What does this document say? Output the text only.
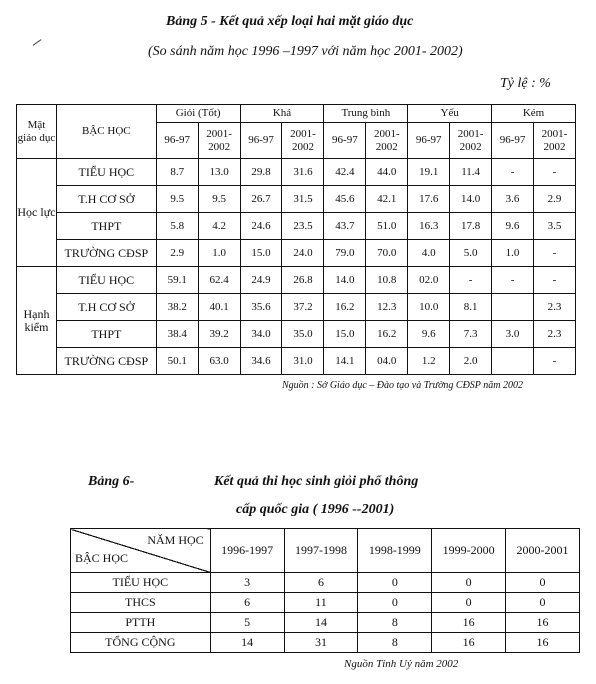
Bảng 5 - Kết quả xếp loại hai mặt giáo dục
(So sánh năm học 1996 –1997 với năm học 2001- 2002)
Tỷ lệ : %
Mặt giáo dục	BẬC HỌC	Giỏi (Tốt)		Khá		Trung bình		Yếu		Kém	
		96-97	2001-2002	96-97	2001-2002	96-97	2001-2002	96-97	2001-2002	96-97	2001-2002
Học lực	TIỂU HỌC	8.7	13.0	29.8	31.6	42.4	44.0	19.1	11.4	-	-
	T.H CƠ SỞ	9.5	9.5	26.7	31.5	45.6	42.1	17.6	14.0	3.6	2.9
	THPT	5.8	4.2	24.6	23.5	43.7	51.0	16.3	17.8	9.6	3.5
	TRƯỜNG CĐSP	2.9	1.0	15.0	24.0	79.0	70.0	4.0	5.0	1.0	-
Hạnh kiểm	TIỂU HỌC	59.1	62.4	24.9	26.8	14.0	10.8	02.0	-	-	-
	T.H CƠ SỞ	38.2	40.1	35.6	37.2	16.2	12.3	10.0	8.1		2.3
	THPT	38.4	39.2	34.0	35.0	15.0	16.2	9.6	7.3	3.0	2.3
	TRƯỜNG CĐSP	50.1	63.0	34.6	31.0	14.1	04.0	1.2	2.0		-
Nguồn : Sở Giáo dục – Đào tạo và Trường CĐSP năm 2002
Bảng 6-	Kết quả thi học sinh giỏi phổ thông
cấp quốc gia ( 1996 --2001)
NĂM HỌC
BẬC HỌC	1996-1997	1997-1998	1998-1999	1999-2000	2000-2001
TIỂU HỌC	3	6	0	0	0
THCS	6	11	0	0	0
PTTH	5	14	8	16	16
TỔNG CỘNG	14	31	8	16	16
Nguồn Tỉnh Uỷ năm 2002
